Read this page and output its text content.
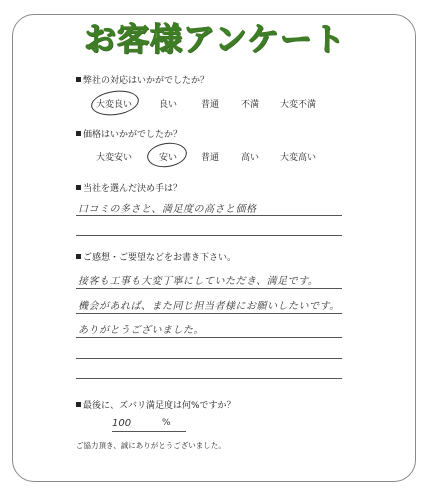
お客様アンケート
弊社の対応はいかがでしたか？
大変良い	良い	普通 不満 大変不満
価格はいかがでしたか？
大変安い	安い	普通 高い 大変高い
当社を選んだ決め手は？
口コミの多さと、満足度の高さと価格
ご感想・ご要望などをお書き下さい。
接客も工事も大変丁寧にしていただき、満足です。
機会があれば、また同じ担当者様にお願いしたいです。
ありがとうございました。
最後に、ズバリ満足度は何%ですか？
100	%
ご協力頂き、誠にありがとうございました。
